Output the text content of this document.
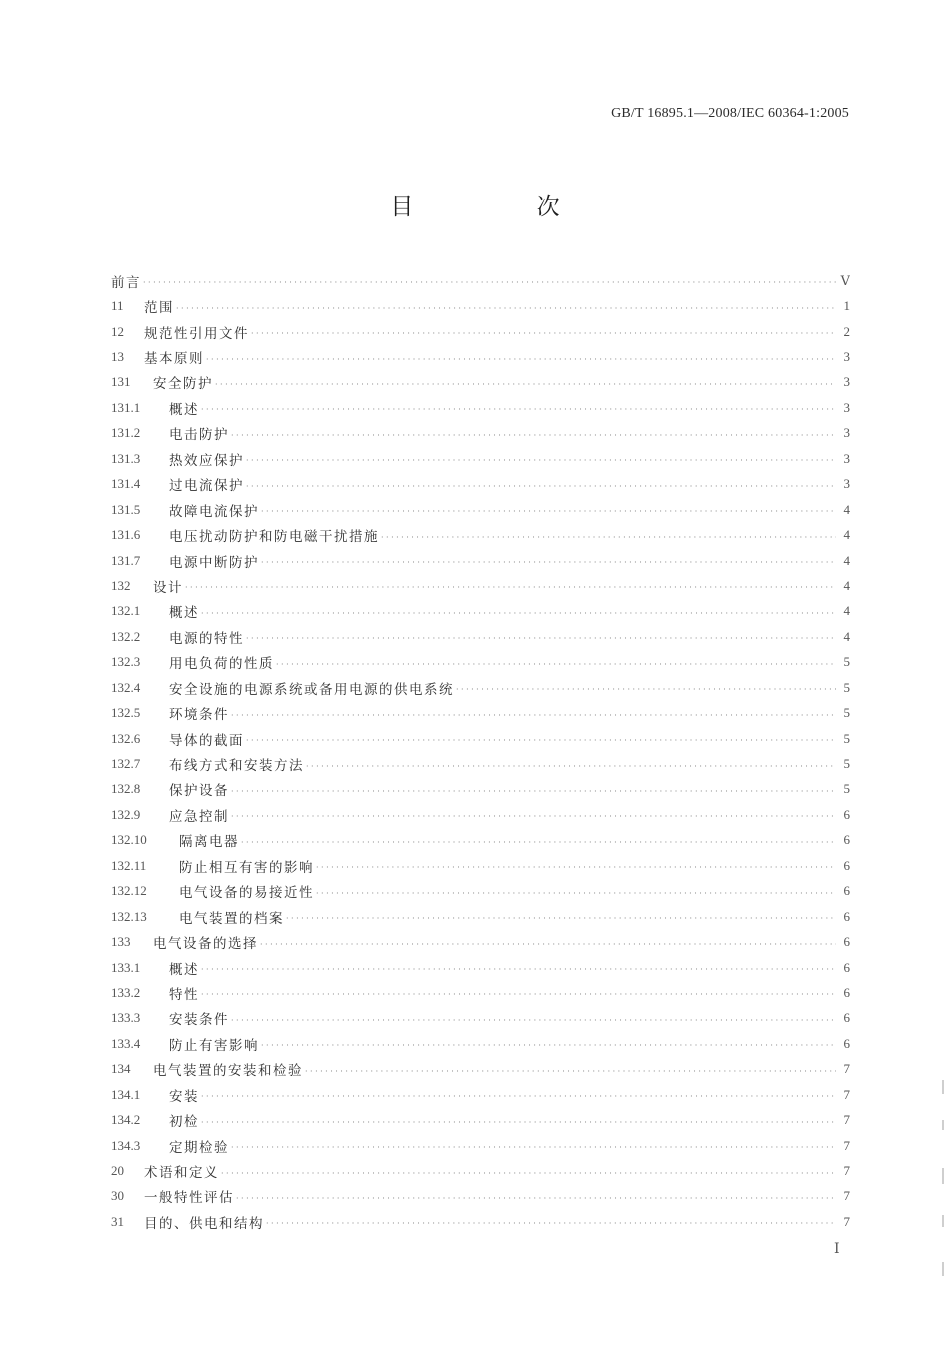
GB/T 16895.1—2008/IEC 60364-1:2005
目 次
前言 ·····	Ⅴ
11	范围 ·····	1
12	规范性引用文件 ·····	2
13	基本原则 ·····	3
131	安全防护 ·····	3
131.1	概述 ·····	3
131.2	电击防护 ·····	3
131.3	热效应保护 ·····	3
131.4	过电流保护 ·····	3
131.5	故障电流保护 ·····	4
131.6	电压扰动防护和防电磁干扰措施 ·····	4
131.7	电源中断防护 ·····	4
132	设计 ·····	4
132.1	概述 ·····	4
132.2	电源的特性 ·····	4
132.3	用电负荷的性质 ·····	5
132.4	安全设施的电源系统或备用电源的供电系统 ·····	5
132.5	环境条件 ·····	5
132.6	导体的截面 ·····	5
132.7	布线方式和安装方法 ·····	5
132.8	保护设备 ·····	5
132.9	应急控制 ·····	6
132.10	隔离电器 ·····	6
132.11	防止相互有害的影响 ·····	6
132.12	电气设备的易接近性 ·····	6
132.13	电气装置的档案 ·····	6
133	电气设备的选择 ·····	6
133.1	概述 ·····	6
133.2	特性 ·····	6
133.3	安装条件 ·····	6
133.4	防止有害影响 ·····	6
134	电气装置的安装和检验 ·····	7
134.1	安装 ·····	7
134.2	初检 ·····	7
134.3	定期检验 ·····	7
20	术语和定义 ·····	7
30	一般特性评估 ·····	7
31	目的、供电和结构 ·····	7
Ⅰ
